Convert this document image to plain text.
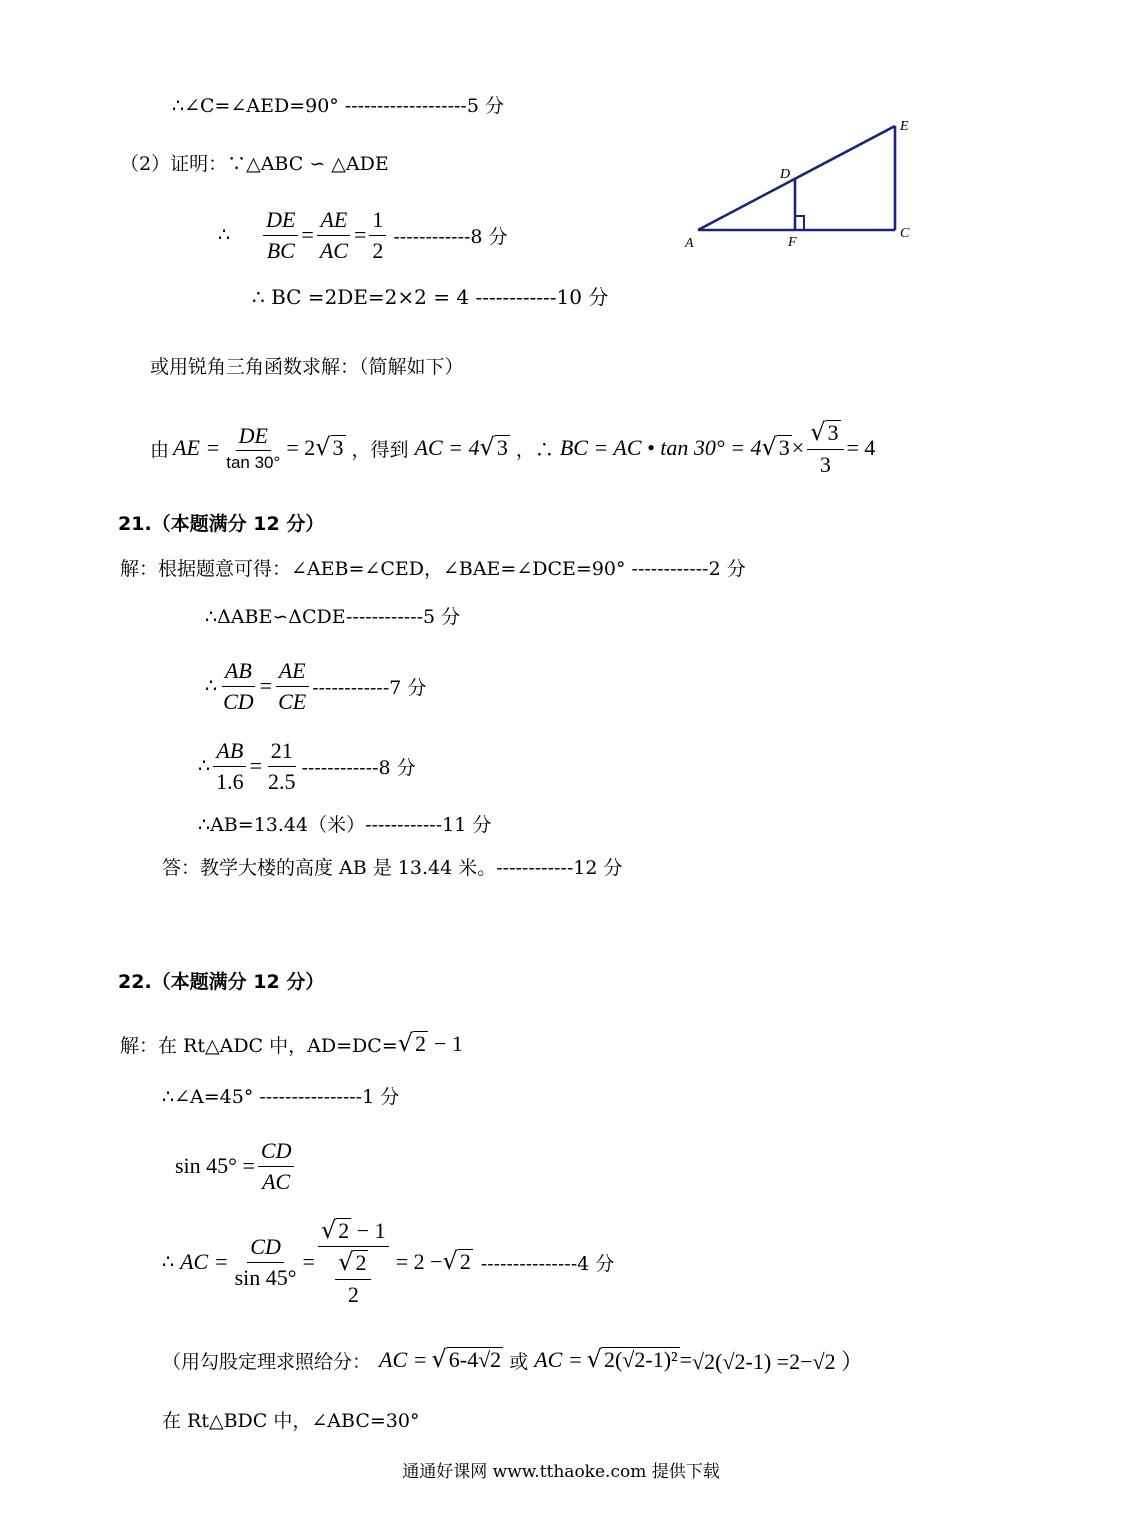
∴∠C=∠AED=90° -------------------5 分
（2）证明：∵△ABC ∽ △ADE
∴ $\frac{DE}{BC} = \frac{AE}{AC} = \frac{1}{2} ------------8$ 分
∴ BC =2DE=2×2 = 4 ------------10 分
或用锐角三角函数求解：（简解如下）
由 AE = $\frac{DE}{\tan 30^\circ} = 2$ √ 3 ，得到 AC = 4 √ 3 ，∴ BC = AC • tan 30° = 4 √ $3 \times \frac{√ 3}{3} = 4$
A
E
D
F
C
21.（本题满分 12 分）
解：根据题意可得：∠AEB=∠CED，∠BAE=∠DCE=90° ------------2 分
∴ΔABE∽ΔCDE------------5 分
∴ $\frac{AB}{CD} = \frac{AE}{CE} ------------7$ 分
∴ $\frac{AB}{1.6} = \frac{21}{2.5} ------------8$ 分
∴AB=13.44（米）------------11 分
答：教学大楼的高度 AB 是 13.44 米。------------12 分
22.（本题满分 12 分）
解：在 Rt△ADC 中，AD=DC= √ 2 − 1
∴∠A=45° ----------------1 分
$\sin 45^\circ = \frac{CD}{AC}$
∴ AC = $\frac{CD}{\sin 45^\circ} = \frac{√ 2 - 1}{\frac{√ 2}{2}} = 2$ − √ 2 ---------------4 分
（用勾股定理求照给分： AC = √ 6-4√2 或 AC = √ 2(√2-1)² = √2(√2-1) =2−√2 ）
在 Rt△BDC 中，∠ABC=30°
通通好课网 www.tthaoke.com 提供下载
